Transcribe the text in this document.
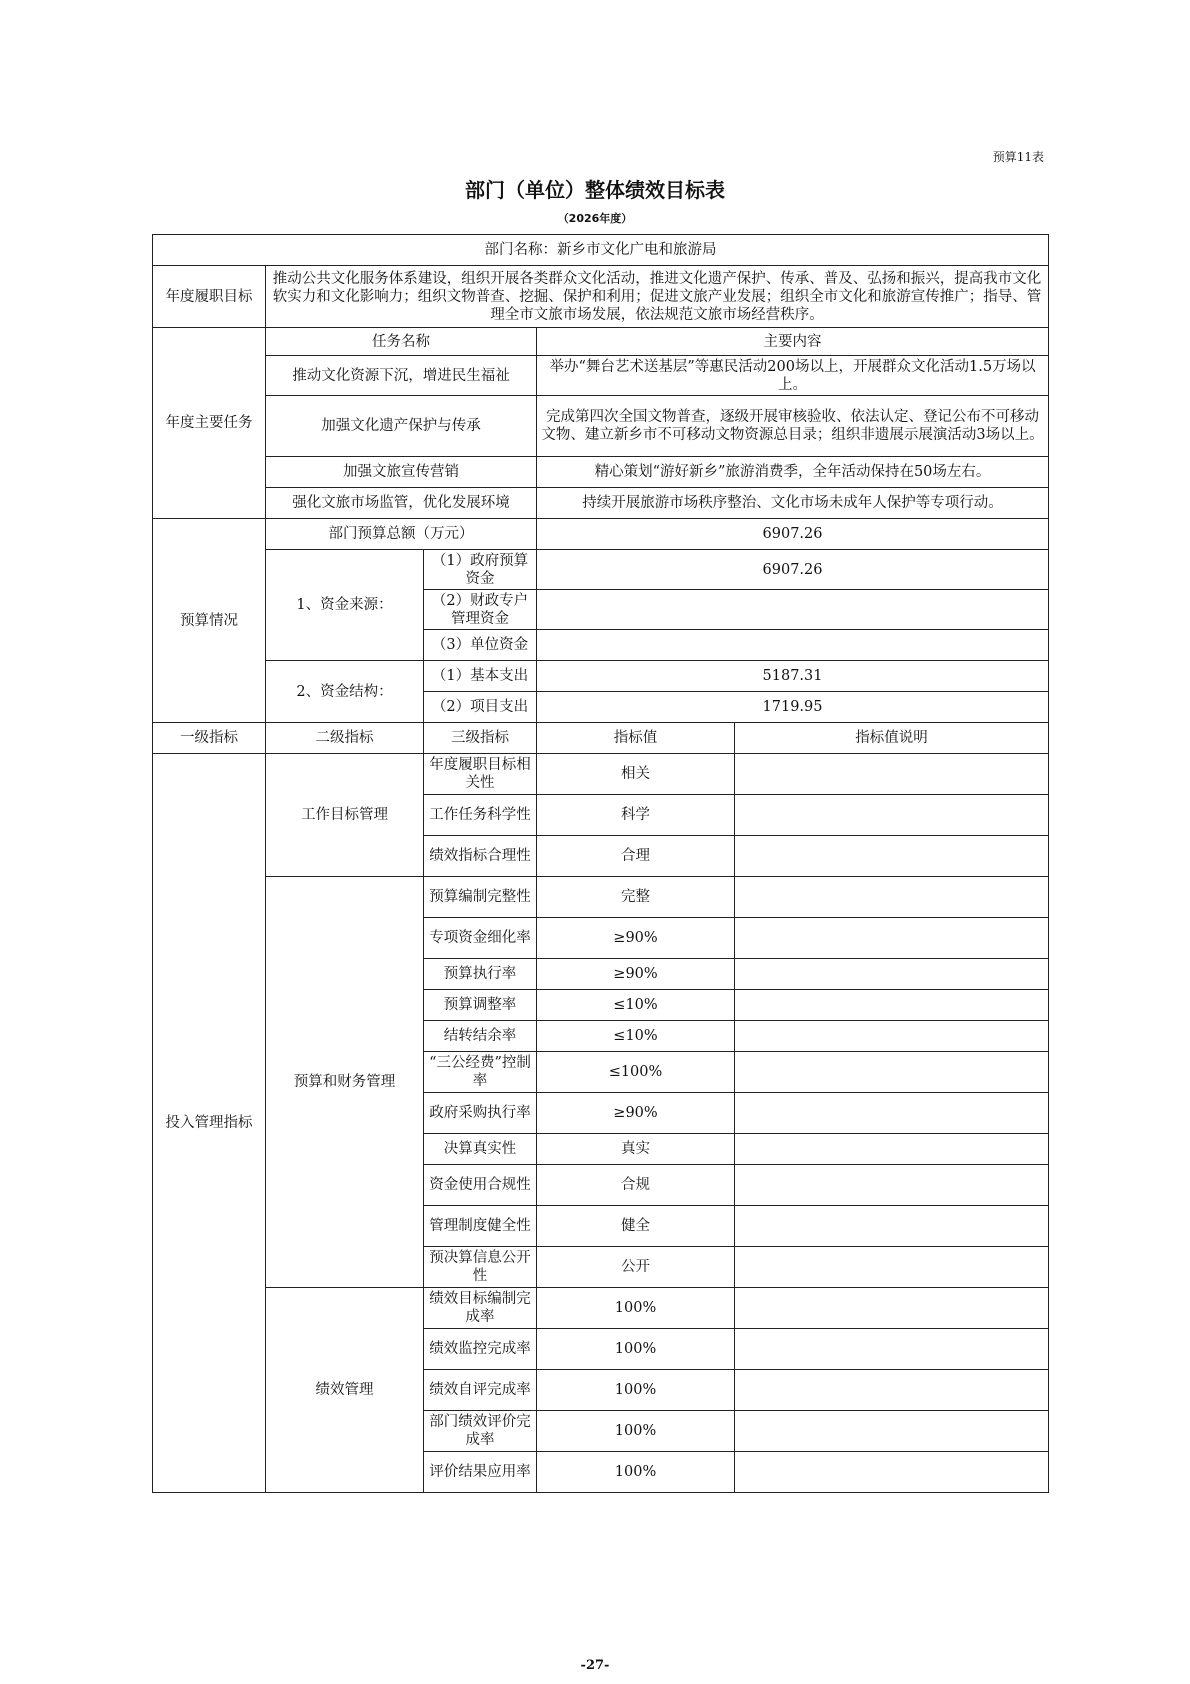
预算11表
部门（单位）整体绩效目标表
（2026年度）
部门名称：新乡市文化广电和旅游局				
年度履职目标	推动公共文化服务体系建设，组织开展各类群众文化活动，推进文化遗产保护、传承、普及、弘扬和振兴，提高我市文化软实力和文化影响力；组织文物普查、挖掘、保护和利用；促进文旅产业发展；组织全市文化和旅游宣传推广；指导、管理全市文旅市场发展，依法规范文旅市场经营秩序。			
年度主要任务	任务名称		主要内容	
	推动文化资源下沉，增进民生福祉		举办“舞台艺术送基层”等惠民活动200场以上，开展群众文化活动1.5万场以上。	
	加强文化遗产保护与传承		完成第四次全国文物普查，逐级开展审核验收、依法认定、登记公布不可移动文物、建立新乡市不可移动文物资源总目录；组织非遗展示展演活动3场以上。	
	加强文旅宣传营销		精心策划“游好新乡”旅游消费季，全年活动保持在50场左右。	
	强化文旅市场监管，优化发展环境		持续开展旅游市场秩序整治、文化市场未成年人保护等专项行动。	
预算情况	部门预算总额（万元）		6907.26	
	1、资金来源：	（1）政府预算资金	6907.26	
		（2）财政专户管理资金		
		（3）单位资金		
	2、资金结构：	（1）基本支出	5187.31	
		（2）项目支出	1719.95	
一级指标	二级指标	三级指标	指标值	指标值说明
投入管理指标	工作目标管理	年度履职目标相关性	相关	
		工作任务科学性	科学	
		绩效指标合理性	合理	
	预算和财务管理	预算编制完整性	完整	
		专项资金细化率	≥90%	
		预算执行率	≥90%	
		预算调整率	≤10%	
		结转结余率	≤10%	
		“三公经费”控制率	≤100%	
		政府采购执行率	≥90%	
		决算真实性	真实	
		资金使用合规性	合规	
		管理制度健全性	健全	
		预决算信息公开性	公开	
	绩效管理	绩效目标编制完成率	100%	
		绩效监控完成率	100%	
		绩效自评完成率	100%	
		部门绩效评价完成率	100%	
		评价结果应用率	100%	
-27-
